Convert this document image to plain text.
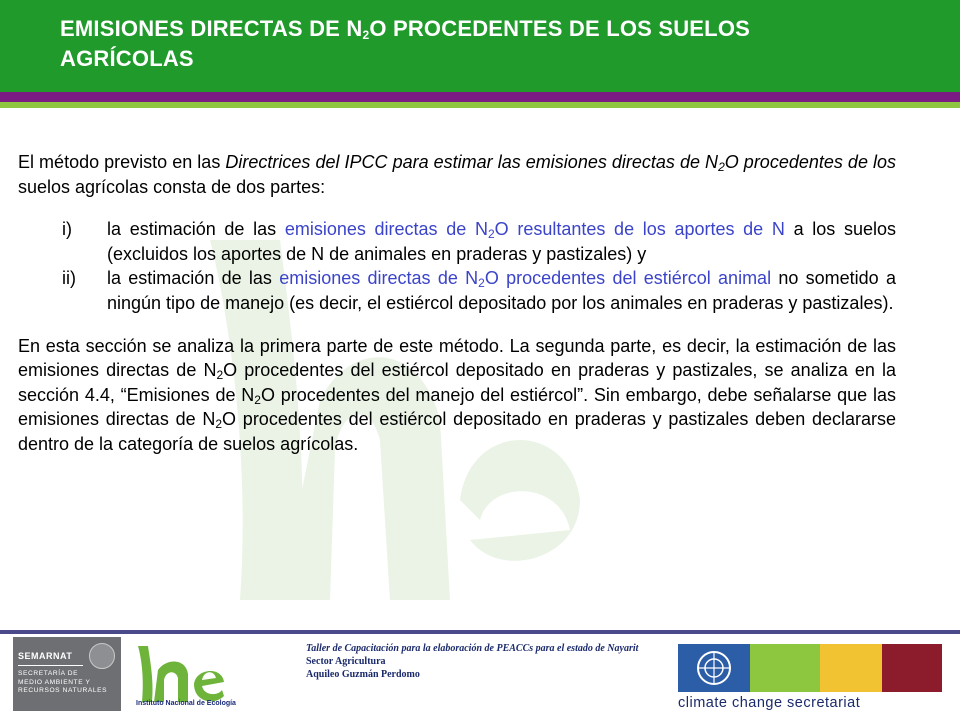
EMISIONES DIRECTAS DE $N_2O$ PROCEDENTES DE LOS SUELOS
AGRÍCOLAS

El método previsto en las Directrices del IPCC para estimar las emisiones directas de $N_2O$ procedentes de los suelos agrícolas consta de dos partes:

i) la estimación de las emisiones directas de $N_2O$ resultantes de los aportes de N a los suelos (excluidos los aportes de N de animales en praderas y pastizales) y
ii) la estimación de las emisiones directas de $N_2O$ procedentes del estiércol animal no sometido a ningún tipo de manejo (es decir, el estiércol depositado por los animales en praderas y pastizales).

En esta sección se analiza la primera parte de este método. La segunda parte, es decir, la estimación de las emisiones directas de $N_2O$ procedentes del estiércol depositado en praderas y pastizales, se analiza en la sección 4.4, “Emisiones de $N_2O$ procedentes del manejo del estiércol”. Sin embargo, debe señalarse que las emisiones directas de $N_2O$ procedentes del estiércol depositado en praderas y pastizales deben declararse dentro de la categoría de suelos agrícolas.

SEMARNAT
SECRETARÍA DE
MEDIO AMBIENTE Y
RECURSOS NATURALES
Instituto Nacional de Ecología
Taller de Capacitación para la elaboración de PEACCs para el estado de Nayarit
Sector Agricultura
Aquileo Guzmán Perdomo
climate change secretariat
